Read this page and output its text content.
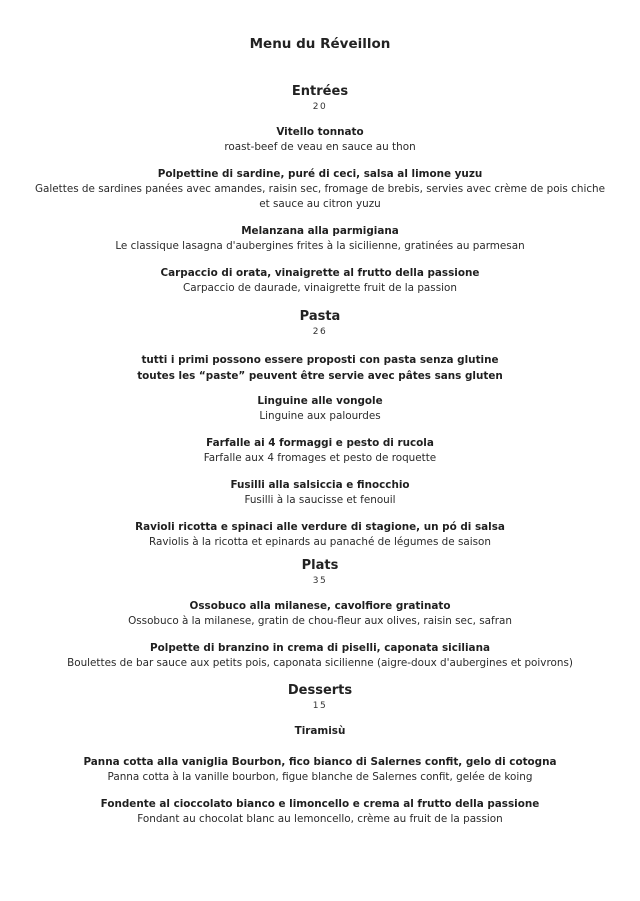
Menu du Réveillon
Entrées
20
Vitello tonnato
roast-beef de veau en sauce au thon
Polpettine di sardine, puré di ceci, salsa al limone yuzu
Galettes de sardines panées avec amandes, raisin sec, fromage de brebis, servies avec crème de pois chiche et sauce au citron yuzu
Melanzana alla parmigiana
Le classique lasagna d'aubergines frites à la sicilienne, gratinées au parmesan
Carpaccio di orata, vinaigrette al frutto della passione
Carpaccio de daurade, vinaigrette fruit de la passion
Pasta
26
tutti i primi possono essere proposti con pasta senza glutine
toutes les “paste” peuvent être servie avec pâtes sans gluten
Linguine alle vongole
Linguine aux palourdes
Farfalle ai 4 formaggi e pesto di rucola
Farfalle aux 4 fromages et pesto de roquette
Fusilli alla salsiccia e finocchio
Fusilli à la saucisse et fenouil
Ravioli ricotta e spinaci alle verdure di stagione, un pó di salsa
Raviolis à la ricotta et epinards au panaché de légumes de saison
Plats
35
Ossobuco alla milanese, cavolfiore gratinato
Ossobuco à la milanese, gratin de chou-fleur aux olives, raisin sec, safran
Polpette di branzino in crema di piselli, caponata siciliana
Boulettes de bar sauce aux petits pois, caponata sicilienne (aigre-doux d'aubergines et poivrons)
Desserts
15
Tiramisù
Panna cotta alla vaniglia Bourbon, fico bianco di Salernes confit, gelo di cotogna
Panna cotta à la vanille bourbon, figue blanche de Salernes confit, gelée de koing
Fondente al cioccolato bianco e limoncello e crema al frutto della passione
Fondant au chocolat blanc au lemoncello, crème au fruit de la passion
